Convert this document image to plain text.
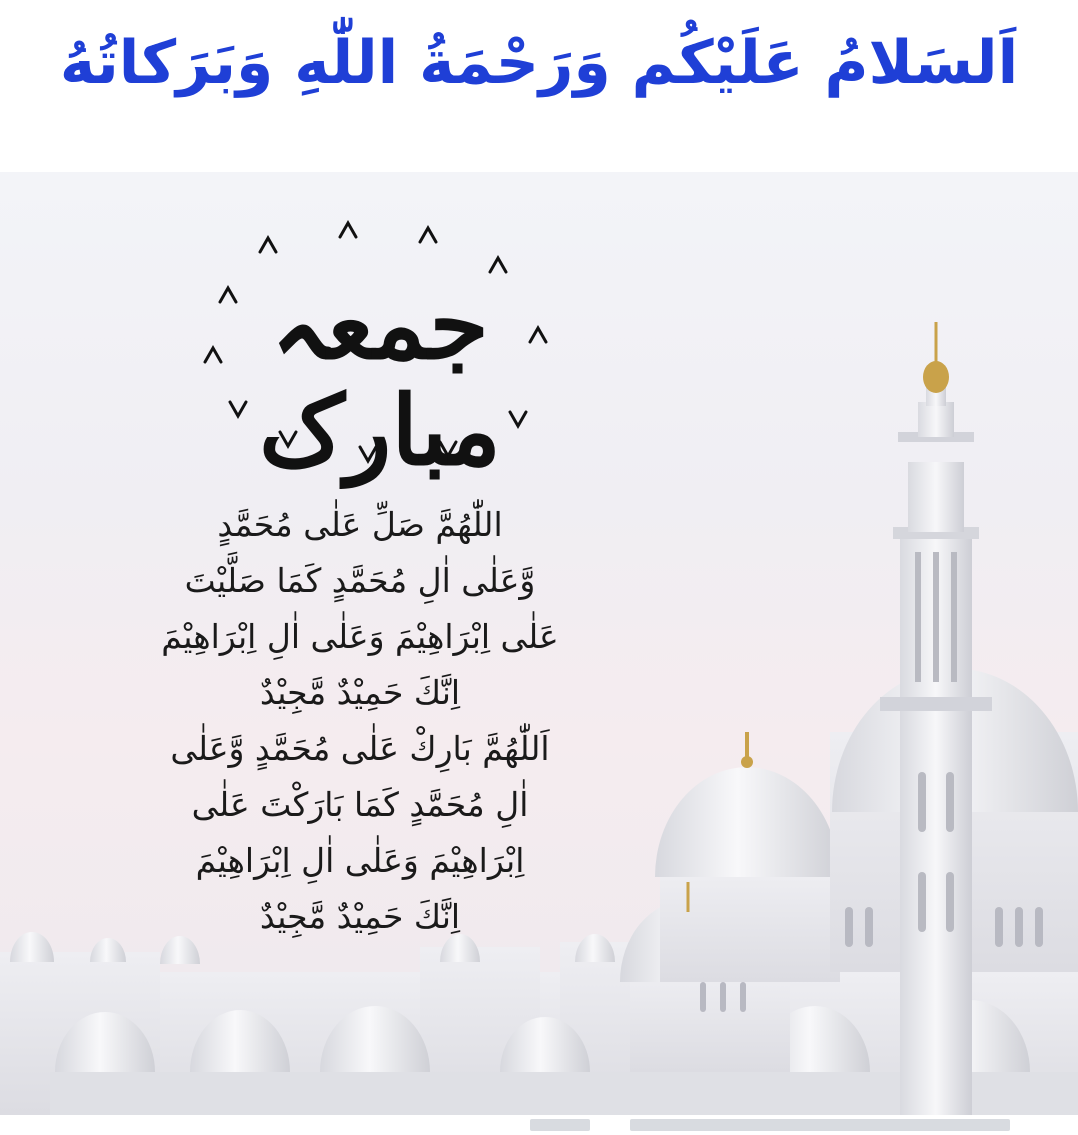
اَلسَلامُ عَلَيْكُم وَرَحْمَةُ اللّٰهِ وَبَرَكاتُهُ
جمعہ مبارک
اللّٰهُمَّ صَلِّ عَلٰى مُحَمَّدٍ
وَّعَلٰى اٰلِ مُحَمَّدٍ كَمَا صَلَّيْتَ
عَلٰى اِبْرَاهِيْمَ وَعَلٰى اٰلِ اِبْرَاهِيْمَ
اِنَّكَ حَمِيْدٌ مَّجِيْدٌ
اَللّٰهُمَّ بَارِكْ عَلٰى مُحَمَّدٍ وَّعَلٰى
اٰلِ مُحَمَّدٍ كَمَا بَارَكْتَ عَلٰى
اِبْرَاهِيْمَ وَعَلٰى اٰلِ اِبْرَاهِيْمَ
اِنَّكَ حَمِيْدٌ مَّجِيْدٌ
